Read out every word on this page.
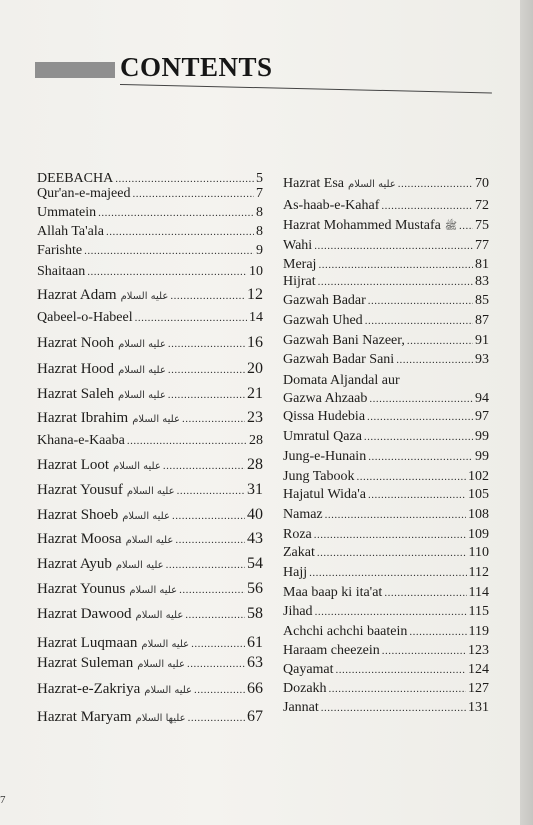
CONTENTS
DEEBACHA .....	5
Qur'an-e-majeed .....	7
Ummatein .....	8
Allah Ta'ala .....	8
Farishte .....	9
Shaitaan .....	10
Hazrat Adam عليه السلام .....	12
Qabeel-o-Habeel .....	14
Hazrat Nooh عليه السلام .....	16
Hazrat Hood عليه السلام .....	20
Hazrat Saleh عليه السلام .....	21
Hazrat Ibrahim عليه السلام .....	23
Khana-e-Kaaba .....	28
Hazrat Loot عليه السلام .....	28
Hazrat Yousuf عليه السلام .....	31
Hazrat Shoeb عليه السلام .....	40
Hazrat Moosa عليه السلام .....	43
Hazrat Ayub عليه السلام .....	54
Hazrat Younus عليه السلام .....	56
Hazrat Dawood عليه السلام .....	58
Hazrat Luqmaan عليه السلام .....	61
Hazrat Suleman عليه السلام .....	63
Hazrat-e-Zakriya عليه السلام .....	66
Hazrat Maryam عليها السلام .....	67
Hazrat Esa عليه السلام .....	70
As-haab-e-Kahaf .....	72
Hazrat Mohammed Mustafa ﷺ ..... 75
Wahi .....	77
Meraj .....	81
Hijrat .....	83
Gazwah Badar .....	85
Gazwah Uhed .....	87
Gazwah Bani Nazeer, .....	91
Gazwah Badar Sani .....	93
Domata Aljandal aur
Gazwa Ahzaab .....	94
Qissa Hudebia .....	97
Umratul Qaza .....	99
Jung-e-Hunain .....	99
Jung Tabook .....	102
Hajatul Wida'a .....	105
Namaz .....	108
Roza .....	109
Zakat .....	110
Hajj .....	112
Maa baap ki ita'at .....	114
Jihad .....	115
Achchi achchi baatein .....	119
Haraam cheezein .....	123
Qayamat .....	124
Dozakh .....	127
Jannat .....	131
7
